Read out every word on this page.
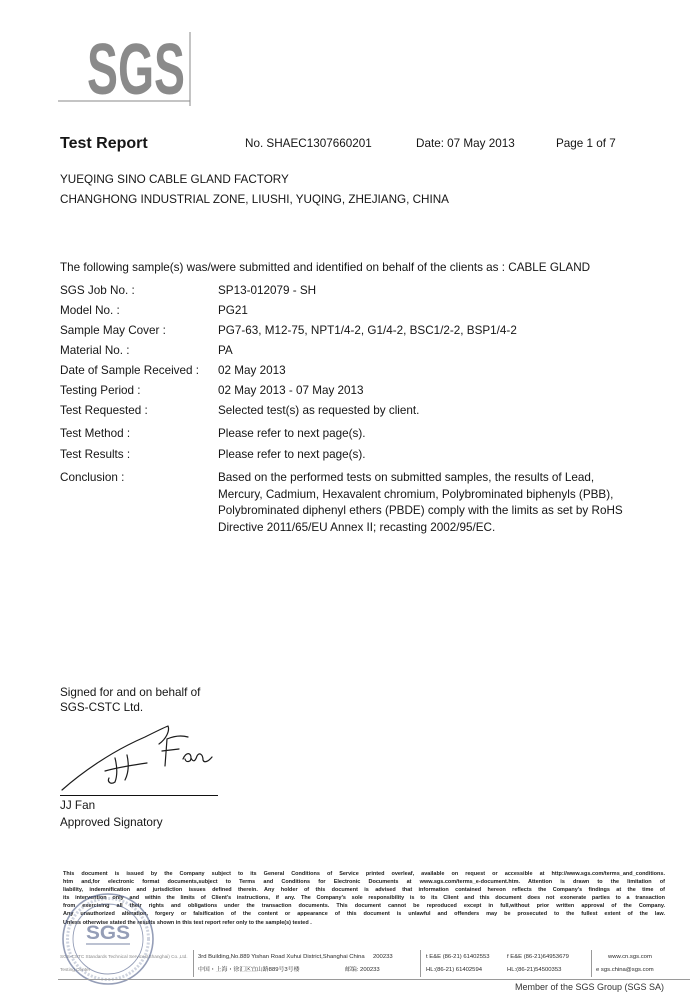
SGS
Test Report	No. SHAEC1307660201	Date: 07 May 2013	Page 1 of 7
YUEQING SINO CABLE GLAND FACTORY
CHANGHONG INDUSTRIAL ZONE, LIUSHI, YUQING, ZHEJIANG, CHINA
The following sample(s) was/were submitted and identified on behalf of the clients as : CABLE GLAND
SGS Job No. :	SP13-012079 - SH
Model No. :	PG21
Sample May Cover :	PG7-63, M12-75, NPT1/4-2, G1/4-2, BSC1/2-2, BSP1/4-2
Material No. :	PA
Date of Sample Received : 02 May 2013
Testing Period :	02 May 2013 - 07 May 2013
Test Requested :	Selected test(s) as requested by client.
Test Method :	Please refer to next page(s).
Test Results :	Please refer to next page(s).
Conclusion :	Based on the performed tests on submitted samples, the results of Lead,
Mercury, Cadmium, Hexavalent chromium, Polybrominated biphenyls (PBB),
Polybrominated diphenyl ethers (PBDE) comply with the limits as set by RoHS
Directive 2011/65/EU Annex II; recasting 2002/95/EC.
Signed for and on behalf of
SGS-CSTC Ltd.
JJ Fan
Approved Signatory
This document is issued by the Company subject to its General Conditions of Service printed overleaf, available on request or accessible at http://www.sgs.com/terms_and_conditions.
htm and,for electronic format documents,subject to Terms and Conditions for Electronic Documents at www.sgs.com/terms_e-document.htm. Attention is drawn to the limitation of
liability, indemnification and jurisdiction issues defined therein. Any holder of this document is advised that information contained hereon reflects the Company's findings at the time of
its intervention only and within the limits of Client's instructions, if any. The Company's sole responsibility is to its Client and this document does not exonerate parties to a transaction
from exercising all their rights and obligations under the transaction documents. This document cannot be reproduced except in full,without prior written approval of the Company.
Any unauthorized alteration, forgery or falsification of the content or appearance of this document is unlawful and offenders may be prosecuted to the fullest extent of the law.
Unless otherwise stated the results shown in this test report refer only to the sample(s) tested .
SGS-CSTC Standards Technical Services(Shanghai) Co.,Ltd.
Testing Center
3rd Building,No.889 Yishan Road Xuhui District,Shanghai China 200233
中国・上海・徐汇区宜山路889号3号楼	邮编: 200233
t E&E (86-21) 61402553	f E&E (86-21)64953679
HL:(86-21) 61402594	HL:(86-21)54500353
www.cn.sgs.com
e sgs.china@sgs.com
SGS
Member of the SGS Group (SGS SA)
